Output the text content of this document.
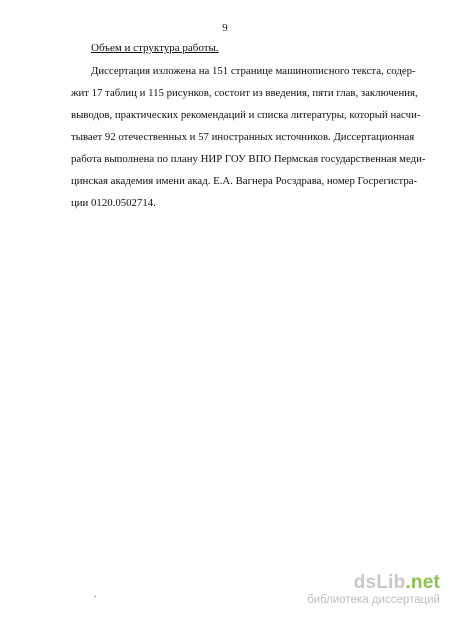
9
Объем и структура работы.
Диссертация изложена на 151 странице машинописного текста, содер-
жит 17 таблиц и 115 рисунков, состоит из введения, пяти глав, заключения,
выводов, практических рекомендаций и списка литературы, который насчи-
тывает 92 отечественных и 57 иностранных источников. Диссертационная
работа выполнена по плану НИР ГОУ ВПО Пермская государственная меди-
цинская академия имени акад. Е.А. Вагнера Росздрава, номер Госрегистра-
ции 0120.0502714.
dsLib.net
библиотека диссертаций
